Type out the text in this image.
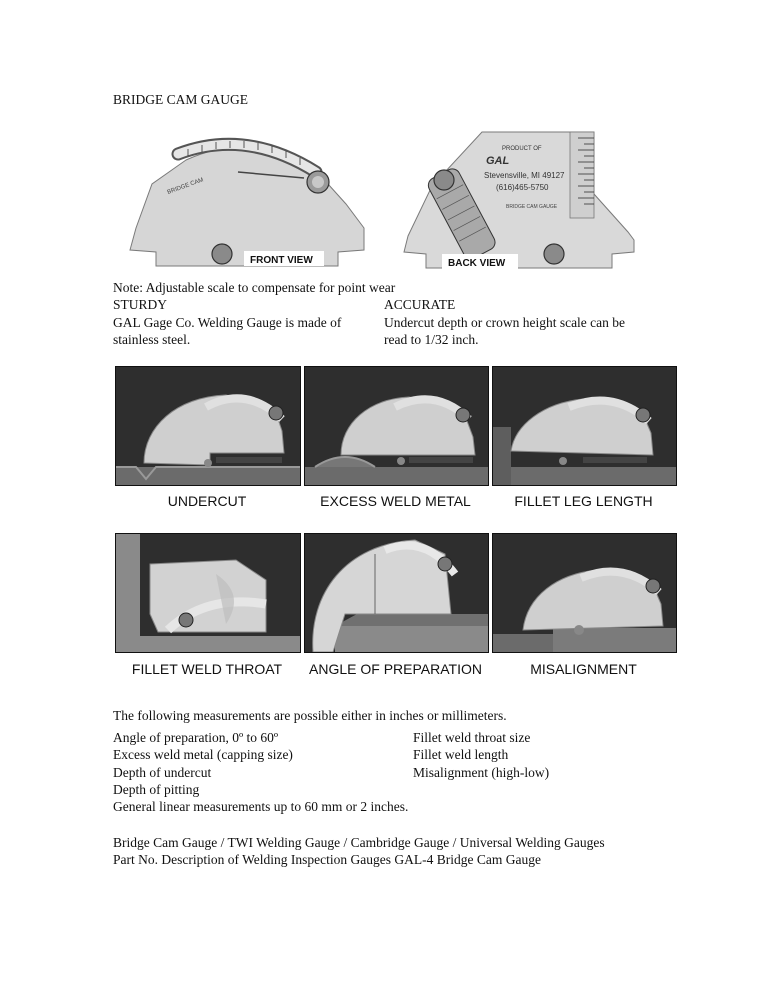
BRIDGE CAM GAUGE
BRIDGE CAM
FRONT VIEW
PRODUCT OF
GAL
Stevensville, MI 49127
(616)465-5750
BRIDGE CAM GAUGE
BACK VIEW
Note: Adjustable scale to compensate for point wear
STURDY
GAL Gage Co. Welding Gauge is made of
stainless steel.
ACCURATE
Undercut depth or crown height scale can be
read to 1/32 inch.
UNDERCUT	EXCESS WELD METAL	FILLET LEG LENGTH
FILLET WELD THROAT	ANGLE OF PREPARATION	MISALIGNMENT
The following measurements are possible either in inches or millimeters.
Angle of preparation, 0º to 60º
Excess weld metal (capping size)
Depth of undercut
Depth of pitting
General linear measurements up to 60 mm or 2 inches.
Fillet weld throat size
Fillet weld length
Misalignment (high-low)
Bridge Cam Gauge / TWI Welding Gauge / Cambridge Gauge / Universal Welding Gauges
Part No. Description of Welding Inspection Gauges GAL-4 Bridge Cam Gauge
